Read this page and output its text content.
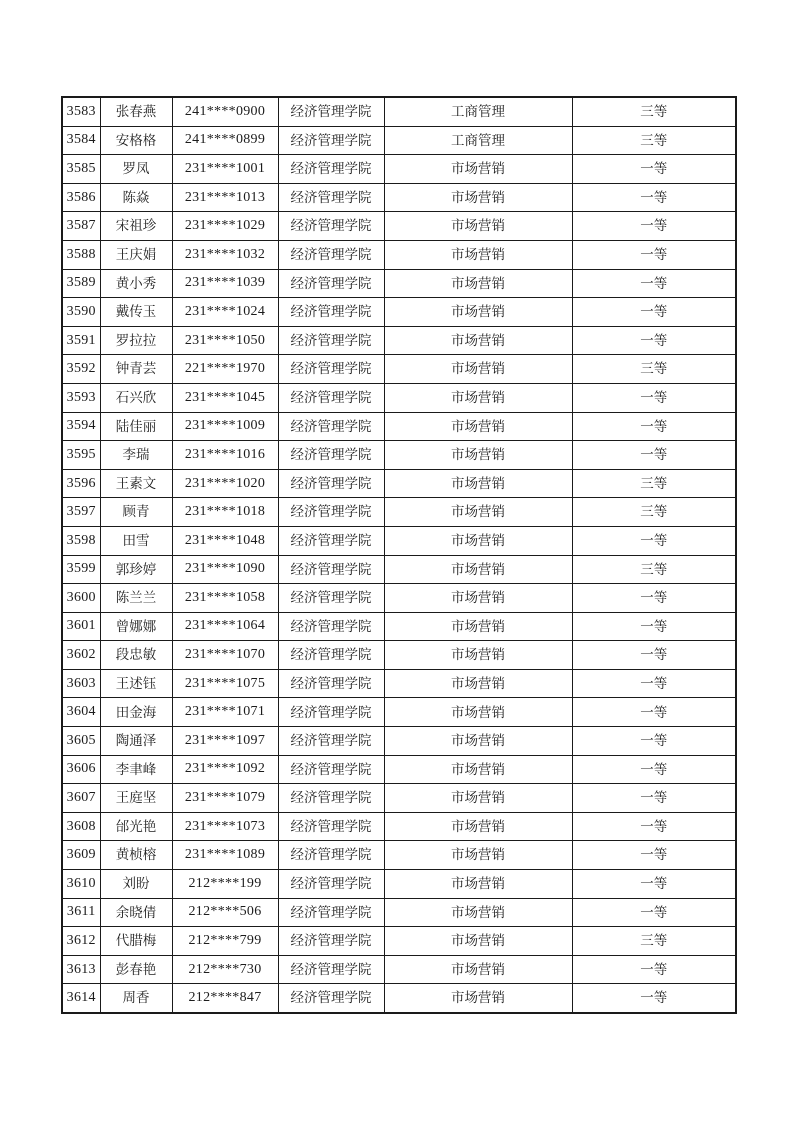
3583	张春燕	241****0900	经济管理学院	工商管理	三等
3584	安格格	241****0899	经济管理学院	工商管理	三等
3585	罗凤	231****1001	经济管理学院	市场营销	一等
3586	陈焱	231****1013	经济管理学院	市场营销	一等
3587	宋祖珍	231****1029	经济管理学院	市场营销	一等
3588	王庆娟	231****1032	经济管理学院	市场营销	一等
3589	黄小秀	231****1039	经济管理学院	市场营销	一等
3590	戴传玉	231****1024	经济管理学院	市场营销	一等
3591	罗拉拉	231****1050	经济管理学院	市场营销	一等
3592	钟青芸	221****1970	经济管理学院	市场营销	三等
3593	石兴欣	231****1045	经济管理学院	市场营销	一等
3594	陆佳丽	231****1009	经济管理学院	市场营销	一等
3595	李瑞	231****1016	经济管理学院	市场营销	一等
3596	王素文	231****1020	经济管理学院	市场营销	三等
3597	顾青	231****1018	经济管理学院	市场营销	三等
3598	田雪	231****1048	经济管理学院	市场营销	一等
3599	郭珍婷	231****1090	经济管理学院	市场营销	三等
3600	陈兰兰	231****1058	经济管理学院	市场营销	一等
3601	曾娜娜	231****1064	经济管理学院	市场营销	一等
3602	段忠敏	231****1070	经济管理学院	市场营销	一等
3603	王述钰	231****1075	经济管理学院	市场营销	一等
3604	田金海	231****1071	经济管理学院	市场营销	一等
3605	陶通泽	231****1097	经济管理学院	市场营销	一等
3606	李聿峰	231****1092	经济管理学院	市场营销	一等
3607	王庭坚	231****1079	经济管理学院	市场营销	一等
3608	邰光艳	231****1073	经济管理学院	市场营销	一等
3609	黄桢榕	231****1089	经济管理学院	市场营销	一等
3610	刘盼	212****199	经济管理学院	市场营销	一等
3611	余晓倩	212****506	经济管理学院	市场营销	一等
3612	代腊梅	212****799	经济管理学院	市场营销	三等
3613	彭春艳	212****730	经济管理学院	市场营销	一等
3614	周香	212****847	经济管理学院	市场营销	一等
